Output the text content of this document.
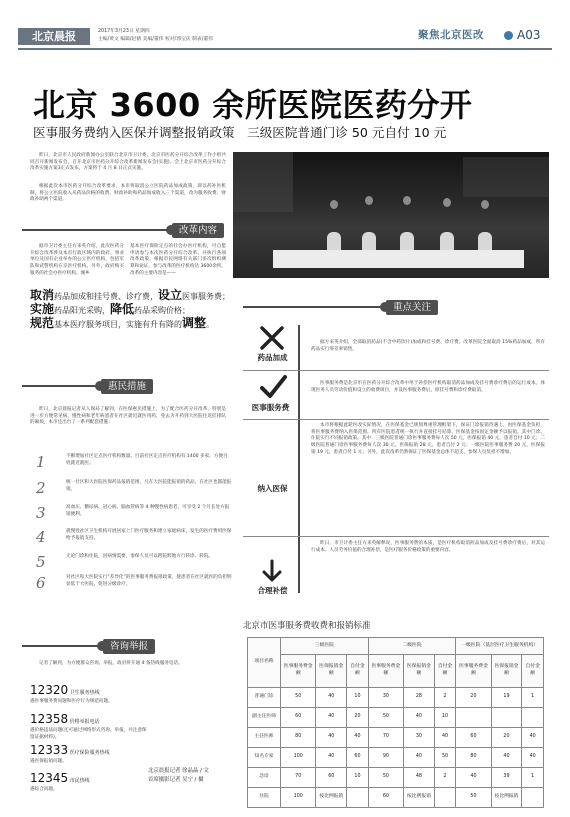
北京晨报	2017年3月23日 星期四
主编/黄文 编辑/赵鹤 美编/董伟 校对/郭宝庆 制表/董伟	聚焦北京医改	A03
北京 3600 余所医院医药分开
医事服务费纳入医保并调整报销政策　三级医院普通门诊 50 元自付 10 元
昨日，北京市人民政府新闻办公室联合北京市卫计委、北京市医药分开综合改革工作小组共同召开新闻发布会，召开北京市医药分开综合改革新闻发布会(实施)。会上北京市医药分开综合改革实施方案3正式发布，方案将于 4 月 8 日正式实施。
根据此次本市医药分开综合改革要求，本市将取消公立医院药品加成政策，即以药补医机制，将公立医院收入从药品价格的收费、财政补助和药品加成收入三个渠道，改为服务收费、财政补助两个渠道。
改革内容
据市卫计委主任方来英介绍，此次医药分开综合改革涉及本市行政区域内的政府、事业单位及国有企业举办的公立医疗机构，包括军队和武警机构在京医疗机构。另外，政府购买服务的社会办医疗机构、城乡
基本医疗保险定点的社会办医疗机构，可自愿申请参与本次医药分开综合改革。并执行各项改革政策。根据市民网络有关部门多次组织测算和论证，参与改革的医疗机构达 3600余所。改革的主要内容是——
取消药品加成和挂号费、诊疗费，设立医事服务费；
实施药品阳光采购，降低药品采购价格；
规范基本医疗服务项目，实施有升有降的调整。
惠民措施
昨日，北京晨报记者从人保局了解到，在医保惠民措施上，为了配合医药分开改革，特别是进一步方便常见病、慢性病和老年病患者在社区就近就医用药，免去为开药到大医院往返挂排队的麻烦，本市还出台了一系列配套措施：
1	不断增加社区定点医疗机构数量。目前社区定点医疗机构有 1400 多家，方便百姓就近就医。
2	统一社区和大医院医保药品报销范围，凡在大医院能报销的药品，在社区也都能报销。
3	高血压、糖尿病、冠心病、脑血管病等 4 种慢性病患者，可享受 2 个月长处方报销便利。
4	就慢性社区卫生机构开展居家上门医疗服务和建立家庭病床，发生的医疗费用医保给予报销支持。
5	无论门诊和住院，因病情需要，参保人员可以跨院跨地方行转诊、转院。
6	对社区和大医院实行“差异化”的医事服务费报销政策，使患者在社区就医的负担明显低于大医院，促进分级诊疗。
咨询举报
记者了解到，为方便群众咨询、举报，政府将开通 4 条热线服务电话。
12320 卫生服务热线
遇医事服务费问题和医疗行为规范问题。
12358 价格举报电话
遇价格违法问题(还可通过网络形式咨询、举报，并注意保留证据材料)。
12333 医疗保险服务热线
遇医保报销问题。
12345 市民热线
遇综合问题。
北京晨报记者 徐晶晶 / 文
首席摄影记者 吴宁 / 摄
重点关注
药品加成
据方来英介绍，全部取消药品(不含中药饮片)加成和挂号费、诊疗费。改革医院全面取消 15%药品加成，所有药品实行零差率销售。
医事服务费
医事服务费是北京市在医药分开综合改革中用于补偿医疗机构取消药品加成及挂号费诊疗费后的运行成本，体现医务人员劳动价值和设立的收费项目，并设医事服务费后，原挂号费和诊疗费取消。
纳入医保
本市将根据此轮医改实际情况，在医保基金已规划尊重管理框架下，保证门诊报销待遇上，由医保基金负担，将医事服务费纳入医保范围。所有医院患者统一执行并直接挂号结算，医保基金按固定金额予以报销。其中门诊、住院实行不同报销政策。其中：三级医院普通门诊医事服务费每人次 50 元，医保报销 40 元，患者自付 10 元；二级医院普通门诊医事服务费每人次 30 元，医保报销 28 元，患者自付 2 元；一级医院医事服务费 20 元，医保报销 19 元，患者自付 1 元；另外，此次改革仍然保证了医保基金总体不超支、参保人员负担不增加。
合理补偿
昨日，市卫计委主任方来英解释说，医事服务费的本质，是医疗机构取消药品加成及挂号费诊疗费后，对其运行成本、人员劳务价值的合理补偿，是医疗服务价格政策的重要内容。
北京市医事服务费收费和报销标准
项目名称	三级医院			二级医院			一级医院（基层医疗卫生服务机构）		
	医事服务费金额	医保报销金额	自付金额	医事服务费金额	医保报销金额	自付金额	医事服务费金额	医保报销金额	自付金额
普通门诊	50	40	10	30	28	2	20	19	1
副主任医师	60	40	20	50	40	10			
主任医师	80	40	40	70	30	40	60	20	40
知名专家	100	40	60	90	40	50	80	40	40
急诊	70	60	10	50	48	2	40	39	1
住院	100	按比例报销		60	按比例报销		50	按比例报销	
